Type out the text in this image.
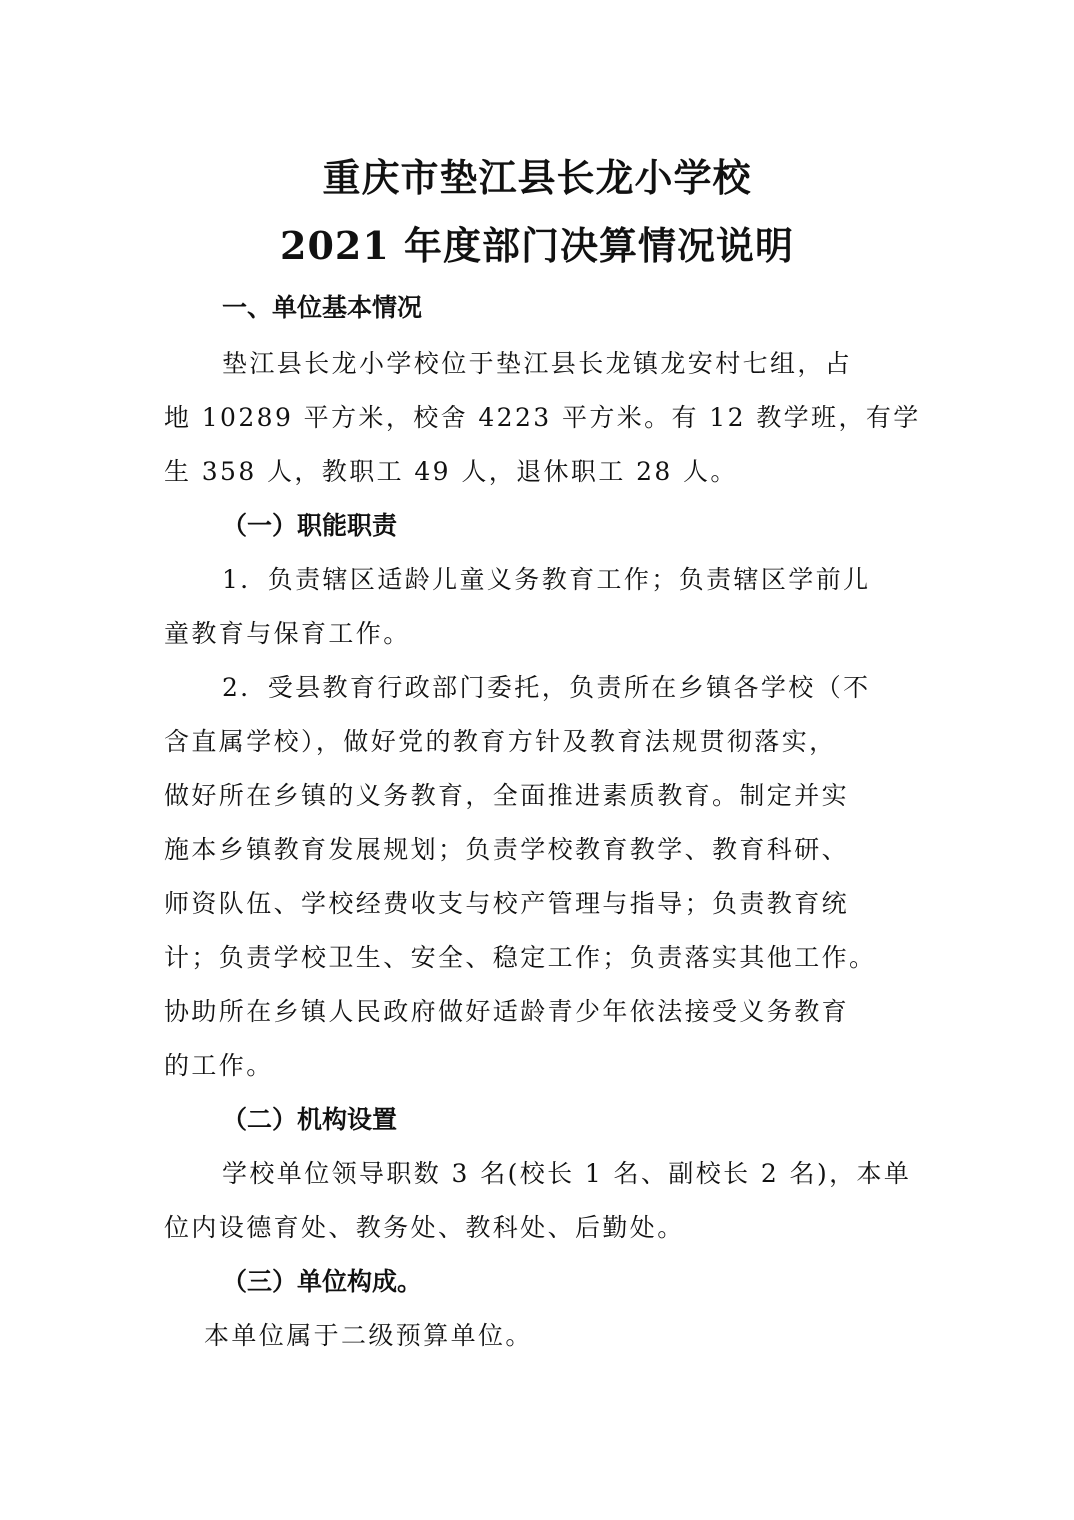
重庆市垫江县长龙小学校
2021 年度部门决算情况说明
一、单位基本情况

垫江县长龙小学校位于垫江县长龙镇龙安村七组，占

地 10289 平方米，校舍 4223 平方米。有 12 教学班，有学

生 358 人，教职工 49 人，退休职工 28 人。

（一）职能职责

1．负责辖区适龄儿童义务教育工作；负责辖区学前儿

童教育与保育工作。

2．受县教育行政部门委托，负责所在乡镇各学校（不

含直属学校），做好党的教育方针及教育法规贯彻落实，

做好所在乡镇的义务教育，全面推进素质教育。制定并实

施本乡镇教育发展规划；负责学校教育教学、教育科研、

师资队伍、学校经费收支与校产管理与指导；负责教育统

计；负责学校卫生、安全、稳定工作；负责落实其他工作。

协助所在乡镇人民政府做好适龄青少年依法接受义务教育

的工作。

（二）机构设置

学校单位领导职数 3 名(校长 1 名、副校长 2 名)，本单

位内设德育处、教务处、教科处、后勤处。

（三）单位构成。

本单位属于二级预算单位。
